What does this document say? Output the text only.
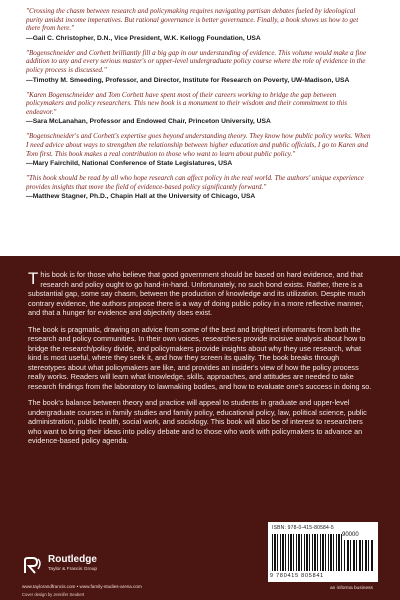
"Crossing the chasm between research and policymaking requires navigating partisan debates fueled by ideological purity amidst income imperatives. But rational governance is better governance. Finally, a book shows us how to get there from here."

—Gail C. Christopher, D.N., Vice President, W.K. Kellogg Foundation, USA

"Bogenschneider and Corbett brilliantly fill a big gap in our understanding of evidence. This volume would make a fine addition to any and every serious master's or upper-level undergraduate policy course where the role of evidence in the policy process is discussed."

—Timothy M. Smeeding, Professor, and Director, Institute for Research on Poverty, UW-Madison, USA

"Karen Bogenschneider and Tom Corbett have spent most of their careers working to bridge the gap between policymakers and policy researchers. This new book is a monument to their wisdom and their commitment to this endeavor."

—Sara McLanahan, Professor and Endowed Chair, Princeton University, USA

"Bogenschneider's and Corbett's expertise goes beyond understanding theory. They know how public policy works. When I need advice about ways to strengthen the relationship between higher education and public officials, I go to Karen and Tom first. This book makes a real contribution to those who want to learn about public policy."

—Mary Fairchild, National Conference of State Legislatures, USA

"This book should be read by all who hope research can affect policy in the real world. The authors' unique experience provides insights that move the field of evidence-based policy significantly forward."

—Matthew Stagner, Ph.D., Chapin Hall at the University of Chicago, USA

This book is for those who believe that good government should be based on hard evidence, and that research and policy ought to go hand-in-hand. Unfortunately, no such bond exists. Rather, there is a substantial gap, some say chasm, between the production of knowledge and its utilization. Despite much contrary evidence, the authors propose there is a way of doing public policy in a more reflective manner, and that a hunger for evidence and objectivity does exist.

The book is pragmatic, drawing on advice from some of the best and brightest informants from both the research and policy communities. In their own voices, researchers provide incisive analysis about how to bridge the research/policy divide, and policymakers provide insights about why they use research, what kind is most useful, where they seek it, and how they screen its quality. The book breaks through stereotypes about what policymakers are like, and provides an insider's view of how the policy process really works. Readers will learn what knowledge, skills, approaches, and attitudes are needed to take research findings from the laboratory to lawmaking bodies, and how to evaluate one's success in doing so.

The book's balance between theory and practice will appeal to students in graduate and upper-level undergraduate courses in family studies and family policy, educational policy, law, political science, public administration, public health, social work, and sociology. This book will also be of interest to researchers who want to bring their ideas into policy debate and to those who work with policymakers to advance an evidence-based policy agenda.

Routledge
Taylor & Francis Group
www.taylorandfrancis.com • www.family-studies-arena.com
Cover design by Jennifer Seubert
ISBN: 978-0-415-80584-5
90000
9 780415 805841
an informa business
